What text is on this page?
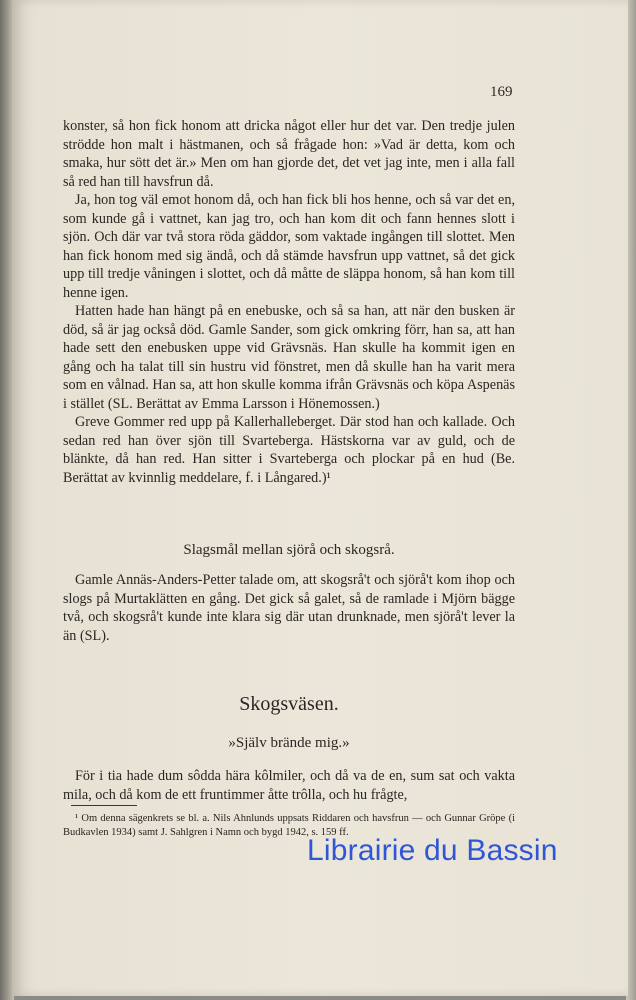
169

konster, så hon fick honom att dricka något eller hur det var. Den tredje julen strödde hon malt i hästmanen, och så frågade hon: »Vad är detta, kom och smaka, hur sött det är.» Men om han gjorde det, det vet jag inte, men i alla fall så red han till havsfrun då.

Ja, hon tog väl emot honom då, och han fick bli hos henne, och så var det en, som kunde gå i vattnet, kan jag tro, och han kom dit och fann hennes slott i sjön. Och där var två stora röda gäddor, som vaktade ingången till slottet. Men han fick honom med sig ändå, och då stämde havsfrun upp vattnet, så det gick upp till tredje våningen i slottet, och då måtte de släppa honom, så han kom till henne igen.

Hatten hade han hängt på en enebuske, och så sa han, att när den busken är död, så är jag också död. Gamle Sander, som gick omkring förr, han sa, att han hade sett den enebusken uppe vid Grävsnäs. Han skulle ha kommit igen en gång och ha talat till sin hustru vid fönstret, men då skulle han ha varit mera som en vålnad. Han sa, att hon skulle komma ifrån Grävsnäs och köpa Aspenäs i stället (SL. Berättat av Emma Larsson i Hönemossen.)

Greve Gommer red upp på Kallerhalleberget. Där stod han och kallade. Och sedan red han över sjön till Svarteberga. Hästskorna var av guld, och de blänkte, då han red. Han sitter i Svarteberga och plockar på en hud (Be. Berättat av kvinnlig meddelare, f. i Långared.)¹

Slagsmål mellan sjörå och skogsrå.

Gamle Annäs-Anders-Petter talade om, att skogsrå't och sjörå't kom ihop och slogs på Murtaklätten en gång. Det gick så galet, så de ramlade i Mjörn bägge två, och skogsrå't kunde inte klara sig där utan drunknade, men sjörå't lever la än (SL).

Skogsväsen.
»Själv brände mig.»

För i tia hade dum sôdda hära kôlmiler, och då va de en, sum sat och vakta mila, och då kom de ett fruntimmer åtte trôlla, och hu frågte,

¹ Om denna sägenkrets se bl. a. Nils Ahnlunds uppsats Riddaren och havsfrun — och Gunnar Gröpe (i Budkavlen 1934) samt J. Sahlgren i Namn och bygd 1942, s. 159 ff.
Librairie du Bassin
